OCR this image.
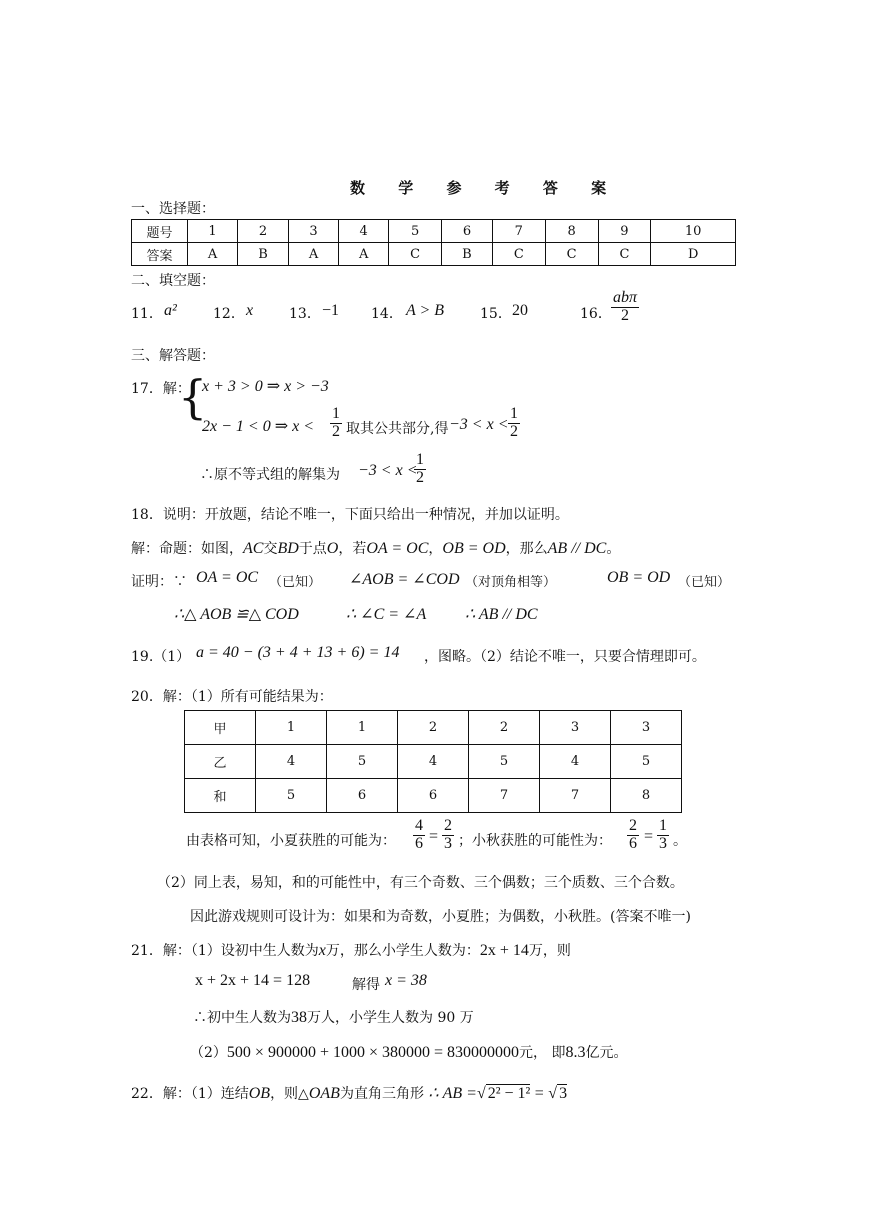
数 学 参 考 答 案
一、选择题：
题号	1	2	3	4	5	6	7	8	9	10
答案	A	B	A	A	C	B	C	C	C	D
二、填空题：
11． a²	12． x	13． −1 14． A > B	15． 20	16．
abπ
2
三、解答题：
17．解：
{
x + 3 > 0 ⇒ x > −3
2x − 1 < 0 ⇒ $x < \frac{1}{2}$ 取其公共部分,得 $-3 < x < \frac{1}{2}$
∴原不等式组的解集为 −3 < x <
$\frac{1}{2}$
18．说明：开放题，结论不唯一，下面只给出一种情况，并加以证明。
解：命题：如图，AC交BD于点O，若OA = OC，OB = OD，那么AB // DC。
证明：∵ OA = OC （已知） ∠AOB = ∠COD （对顶角相等）	OB = OD （已知）
∴△ AOB ≌△ COD	∴ ∠C = ∠A ∴ AB // DC
19.（1） a = 40 − (3 + 4 + 13 + 6) = 14 ，图略。（2）结论不唯一，只要合情理即可。
20．解：（1）所有可能结果为：
甲	1	1	2	2	3	3
乙	4	5	4	5	4	5
和	5	6	6	7	7	8
由表格可知，小夏获胜的可能为： $\frac{4}{6} = \frac{2}{3}$ ；小秋获胜的可能性为： $\frac{2}{6} = \frac{1}{3}$ 。
（2）同上表，易知，和的可能性中，有三个奇数、三个偶数；三个质数、三个合数。
因此游戏规则可设计为：如果和为奇数，小夏胜；为偶数，小秋胜。(答案不唯一)
21．解：（1）设初中生人数为x万，那么小学生人数为：2x + 14万，则
x + 2x + 14 = 128	解得 x = 38
∴初中生人数为38万人，小学生人数为 90 万
（2）500 × 900000 + 1000 × 380000 = 830000000元， 即8.3亿元。
22．解：（1）连结OB，则△OAB为直角三角形 ∴ AB =√ 2² − 1² = √ 3
